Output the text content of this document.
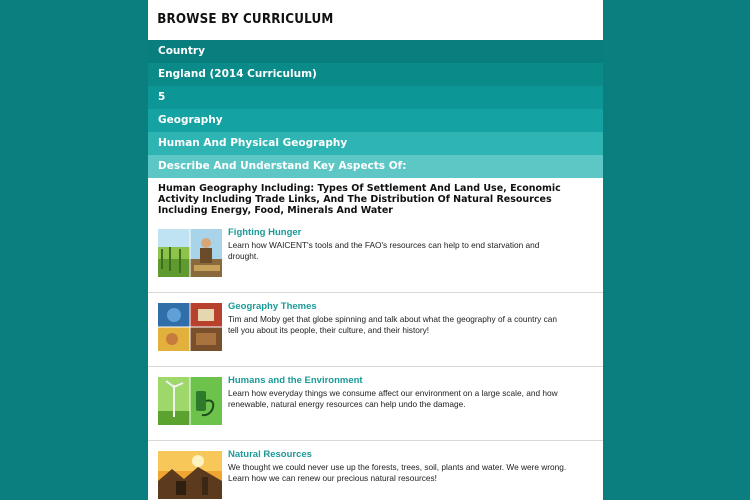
BROWSE BY CURRICULUM
Country
England (2014 Curriculum)
5
Geography
Human And Physical Geography
Describe And Understand Key Aspects Of:
Human Geography Including: Types Of Settlement And Land Use, Economic Activity Including Trade Links, And The Distribution Of Natural Resources Including Energy, Food, Minerals And Water
Fighting Hunger
Learn how WAICENT's tools and the FAO's resources can help to end starvation and drought.
Geography Themes
Tim and Moby get that globe spinning and talk about what the geography of a country can tell you about its people, their culture, and their history!
Humans and the Environment
Learn how everyday things we consume affect our environment on a large scale, and how renewable, natural energy resources can help undo the damage.
Natural Resources
We thought we could never use up the forests, trees, soil, plants and water. We were wrong. Learn how we can renew our precious natural resources!
